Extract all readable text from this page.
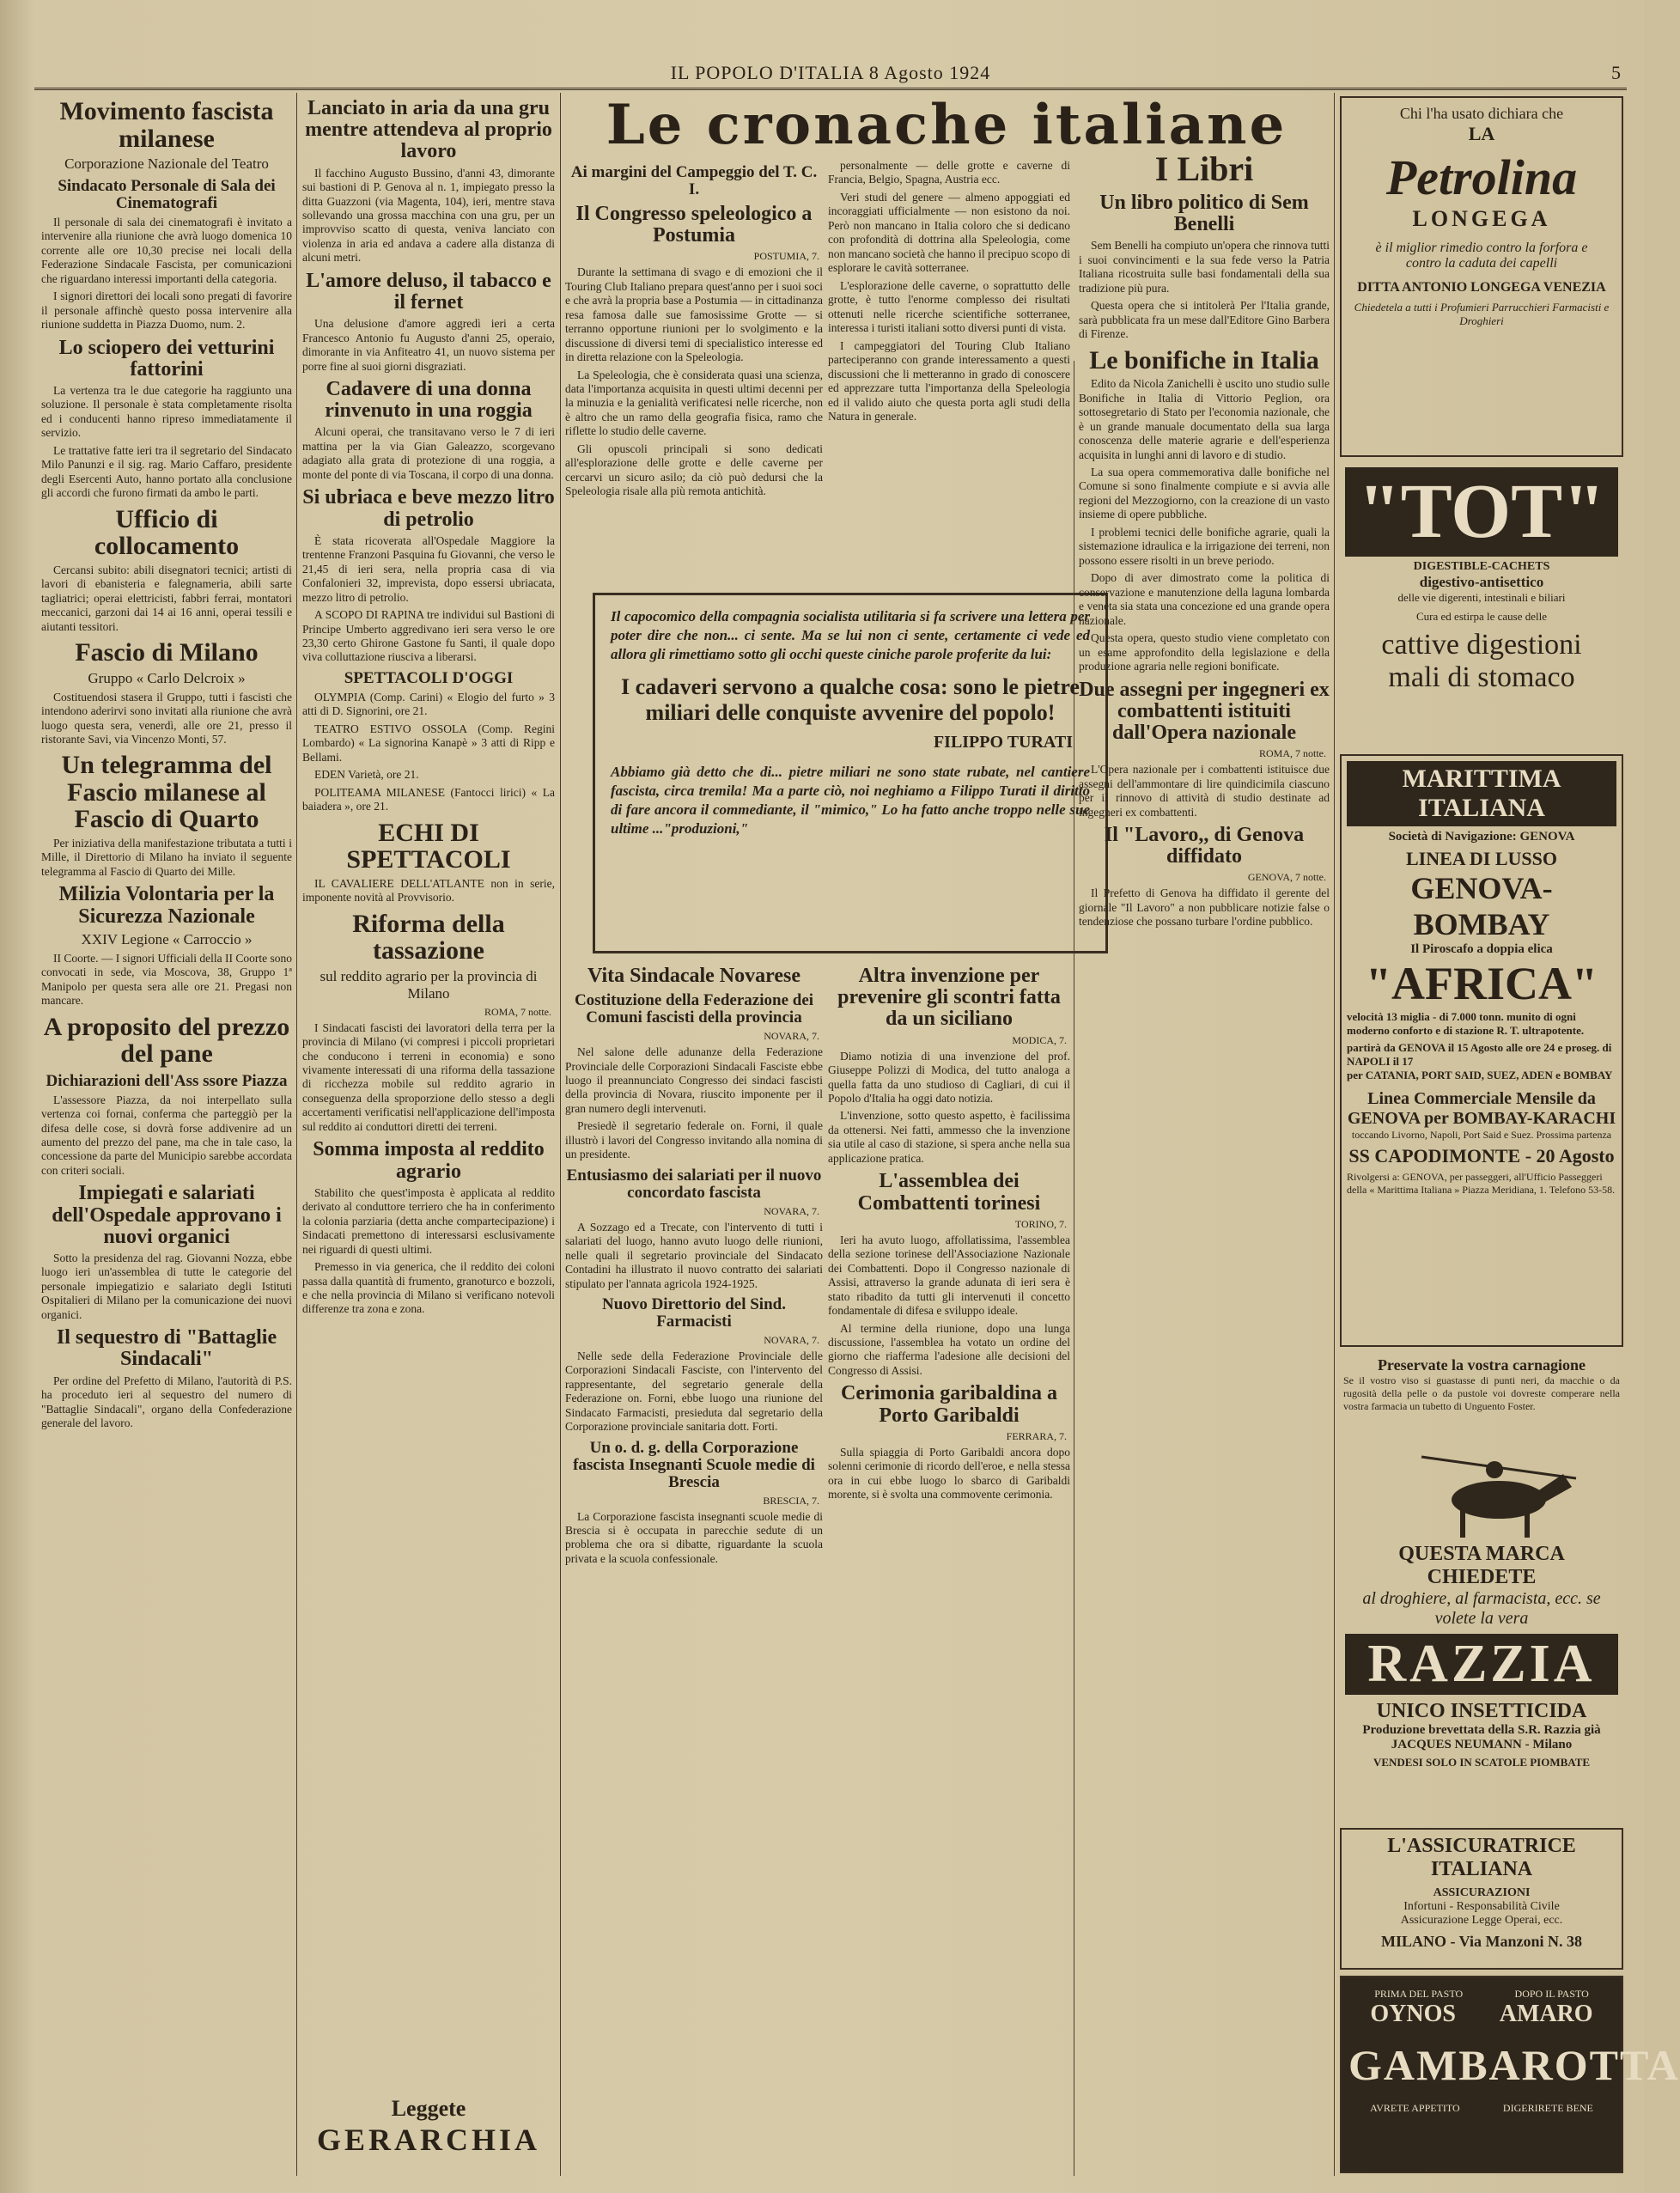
IL POPOLO D'ITALIA 8 Agosto 1924	5
Le cronache italiane
Movimento fascista milanese
Corporazione Nazionale del Teatro
Sindacato Personale di Sala dei Cinematografi

Il personale di sala dei cinematografi è invitato a intervenire alla riunione che avrà luogo domenica 10 corrente alle ore 10,30 precise nei locali della Federazione Sindacale Fascista, per comunicazioni che riguardano interessi importanti della categoria.

I signori direttori dei locali sono pregati di favorire il personale affinchè questo possa intervenire alla riunione suddetta in Piazza Duomo, num. 2.

Lo sciopero dei vetturini fattorini

La vertenza tra le due categorie ha raggiunto una soluzione. Il personale è stata completamente risolta ed i conducenti hanno ripreso immediatamente il servizio.

Le trattative fatte ieri tra il segretario del Sindacato Milo Panunzi e il sig. rag. Mario Caffaro, presidente degli Esercenti Auto, hanno portato alla conclusione gli accordi che furono firmati da ambo le parti.

Ufficio di collocamento

Cercansi subito: abili disegnatori tecnici; artisti di lavori di ebanisteria e falegnameria, abili sarte tagliatrici; operai elettricisti, fabbri ferrai, montatori meccanici, garzoni dai 14 ai 16 anni, operai tessili e aiutanti tessitori.

Fascio di Milano
Gruppo « Carlo Delcroix »

Costituendosi stasera il Gruppo, tutti i fascisti che intendono aderirvi sono invitati alla riunione che avrà luogo questa sera, venerdì, alle ore 21, presso il ristorante Savi, via Vincenzo Monti, 57.

Un telegramma del Fascio milanese al Fascio di Quarto

Per iniziativa della manifestazione tributata a tutti i Mille, il Direttorio di Milano ha inviato il seguente telegramma al Fascio di Quarto dei Mille.

Milizia Volontaria per la Sicurezza Nazionale
XXIV Legione « Carroccio »

II Coorte. — I signori Ufficiali della II Coorte sono convocati in sede, via Moscova, 38, Gruppo 1ª Manipolo per questa sera alle ore 21. Pregasi non mancare.

A proposito del prezzo del pane
Dichiarazioni dell'Ass ssore Piazza

L'assessore Piazza, da noi interpellato sulla vertenza coi fornai, conferma che parteggiò per la difesa delle cose, si dovrà forse addivenire ad un aumento del prezzo del pane, ma che in tale caso, la concessione da parte del Municipio sarebbe accordata con criteri sociali.

Impiegati e salariati dell'Ospedale approvano i nuovi organici

Sotto la presidenza del rag. Giovanni Nozza, ebbe luogo ieri un'assemblea di tutte le categorie del personale impiegatizio e salariato degli Istituti Ospitalieri di Milano per la comunicazione dei nuovi organici.

Il sequestro di "Battaglie Sindacali"

Per ordine del Prefetto di Milano, l'autorità di P.S. ha proceduto ieri al sequestro del numero di "Battaglie Sindacali", organo della Confederazione generale del lavoro.

Lanciato in aria da una gru mentre attendeva al proprio lavoro

Il facchino Augusto Bussino, d'anni 43, dimorante sui bastioni di P. Genova al n. 1, impiegato presso la ditta Guazzoni (via Magenta, 104), ieri, mentre stava sollevando una grossa macchina con una gru, per un improvviso scatto di questa, veniva lanciato con violenza in aria ed andava a cadere alla distanza di alcuni metri.

L'amore deluso, il tabacco e il fernet

Una delusione d'amore aggredì ieri a certa Francesco Antonio fu Augusto d'anni 25, operaio, dimorante in via Anfiteatro 41, un nuovo sistema per porre fine al suoi giorni disgraziati.

Cadavere di una donna rinvenuto in una roggia

Alcuni operai, che transitavano verso le 7 di ieri mattina per la via Gian Galeazzo, scorgevano adagiato alla grata di protezione di una roggia, a monte del ponte di via Toscana, il corpo di una donna.

Si ubriaca e beve mezzo litro di petrolio

È stata ricoverata all'Ospedale Maggiore la trentenne Franzoni Pasquina fu Giovanni, che verso le 21,45 di ieri sera, nella propria casa di via Confalonieri 32, imprevista, dopo essersi ubriacata, mezzo litro di petrolio.

A SCOPO DI RAPINA tre individui sul Bastioni di Principe Umberto aggredivano ieri sera verso le ore 23,30 certo Ghirone Gastone fu Santi, il quale dopo viva colluttazione riusciva a liberarsi.

SPETTACOLI D'OGGI

OLYMPIA (Comp. Carini) « Elogio del furto » 3 atti di D. Signorini, ore 21.

TEATRO ESTIVO OSSOLA (Comp. Regini Lombardo) « La signorina Kanapè » 3 atti di Ripp e Bellami.

EDEN Varietà, ore 21.

POLITEAMA MILANESE (Fantocci lirici) « La baiadera », ore 21.

ECHI DI SPETTACOLI

IL CAVALIERE DELL'ATLANTE non in serie, imponente novità al Provvisorio.

Riforma della tassazione
sul reddito agrario per la provincia di Milano
ROMA, 7 notte.

I Sindacati fascisti dei lavoratori della terra per la provincia di Milano (vi compresi i piccoli proprietari che conducono i terreni in economia) e sono vivamente interessati di una riforma della tassazione di ricchezza mobile sul reddito agrario in conseguenza della sproporzione dello stesso a degli accertamenti verificatisi nell'applicazione dell'imposta sul reddito ai conduttori diretti dei terreni.

Somma imposta al reddito agrario

Stabilito che quest'imposta è applicata al reddito derivato al conduttore terriero che ha in conferimento la colonia parziaria (detta anche compartecipazione) i Sindacati premettono di interessarsi esclusivamente nei riguardi di questi ultimi.

Premesso in via generica, che il reddito dei coloni passa dalla quantità di frumento, granoturco e bozzoli, e che nella provincia di Milano si verificano notevoli differenze tra zona e zona.

Leggete
GERARCHIA
Ai margini del Campeggio del T. C. I.
Il Congresso speleologico a Postumia
POSTUMIA, 7.

Durante la settimana di svago e di emozioni che il Touring Club Italiano prepara quest'anno per i suoi soci e che avrà la propria base a Postumia — in cittadinanza resa famosa dalle sue famosissime Grotte — si terranno opportune riunioni per lo svolgimento e la discussione di diversi temi di specialistico interesse ed in diretta relazione con la Speleologia.

La Speleologia, che è considerata quasi una scienza, data l'importanza acquisita in questi ultimi decenni per la minuzia e la genialità verificatesi nelle ricerche, non è altro che un ramo della geografia fisica, ramo che riflette lo studio delle caverne.

Gli opuscoli principali si sono dedicati all'esplorazione delle grotte e delle caverne per cercarvi un sicuro asilo; da ciò può dedursi che la Speleologia risale alla più remota antichità.

personalmente — delle grotte e caverne di Francia, Belgio, Spagna, Austria ecc.

Veri studi del genere — almeno appoggiati ed incoraggiati ufficialmente — non esistono da noi. Però non mancano in Italia coloro che si dedicano con profondità di dottrina alla Speleologia, come non mancano società che hanno il precipuo scopo di esplorare le cavità sotterranee.

L'esplorazione delle caverne, o soprattutto delle grotte, è tutto l'enorme complesso dei risultati ottenuti nelle ricerche scientifiche sotterranee, interessa i turisti italiani sotto diversi punti di vista.

I campeggiatori del Touring Club Italiano parteciperanno con grande interessamento a questi discussioni che li metteranno in grado di conoscere ed apprezzare tutta l'importanza della Speleologia ed il valido aiuto che questa porta agli studi della Natura in generale.

Il capocomico della compagnia socialista utilitaria si fa scrivere una lettera per poter dire che non... ci sente. Ma se lui non ci sente, certamente ci vede ed allora gli rimettiamo sotto gli occhi queste ciniche parole proferite da lui:
I cadaveri servono a qualche cosa: sono le pietre miliari delle conquiste avvenire del popolo!
FILIPPO TURATI
Abbiamo già detto che di... pietre miliari ne sono state rubate, nel cantiere fascista, circa tremila! Ma a parte ciò, noi neghiamo a Filippo Turati il diritto di fare ancora il commediante, il "mimico," Lo ha fatto anche troppo nelle sue ultime ..."produzioni,"
Vita Sindacale Novarese
Costituzione della Federazione dei Comuni fascisti della provincia
NOVARA, 7.

Nel salone delle adunanze della Federazione Provinciale delle Corporazioni Sindacali Fasciste ebbe luogo il preannunciato Congresso dei sindaci fascisti della provincia di Novara, riuscito imponente per il gran numero degli intervenuti.

Presiedè il segretario federale on. Forni, il quale illustrò i lavori del Congresso invitando alla nomina di un presidente.

Entusiasmo dei salariati per il nuovo concordato fascista
NOVARA, 7.

A Sozzago ed a Trecate, con l'intervento di tutti i salariati del luogo, hanno avuto luogo delle riunioni, nelle quali il segretario provinciale del Sindacato Contadini ha illustrato il nuovo contratto dei salariati stipulato per l'annata agricola 1924-1925.

Nuovo Direttorio del Sind. Farmacisti
NOVARA, 7.

Nelle sede della Federazione Provinciale delle Corporazioni Sindacali Fasciste, con l'intervento del rappresentante, del segretario generale della Federazione on. Forni, ebbe luogo una riunione del Sindacato Farmacisti, presieduta dal segretario della Corporazione provinciale sanitaria dott. Forti.

Un o. d. g. della Corporazione fascista Insegnanti Scuole medie di Brescia
BRESCIA, 7.

La Corporazione fascista insegnanti scuole medie di Brescia si è occupata in parecchie sedute di un problema che ora si dibatte, riguardante la scuola privata e la scuola confessionale.

Altra invenzione per prevenire gli scontri fatta da un siciliano
MODICA, 7.

Diamo notizia di una invenzione del prof. Giuseppe Polizzi di Modica, del tutto analoga a quella fatta da uno studioso di Cagliari, di cui il Popolo d'Italia ha oggi dato notizia.

L'invenzione, sotto questo aspetto, è facilissima da ottenersi. Nei fatti, ammesso che la invenzione sia utile al caso di stazione, si spera anche nella sua applicazione pratica.

L'assemblea dei Combattenti torinesi
TORINO, 7.

Ieri ha avuto luogo, affollatissima, l'assemblea della sezione torinese dell'Associazione Nazionale dei Combattenti. Dopo il Congresso nazionale di Assisi, attraverso la grande adunata di ieri sera è stato ribadito da tutti gli intervenuti il concetto fondamentale di difesa e sviluppo ideale.

Al termine della riunione, dopo una lunga discussione, l'assemblea ha votato un ordine del giorno che riafferma l'adesione alle decisioni del Congresso di Assisi.

Cerimonia garibaldina a Porto Garibaldi
FERRARA, 7.

Sulla spiaggia di Porto Garibaldi ancora dopo solenni cerimonie di ricordo dell'eroe, e nella stessa ora in cui ebbe luogo lo sbarco di Garibaldi morente, si è svolta una commovente cerimonia.

I Libri
Un libro politico di Sem Benelli

Sem Benelli ha compiuto un'opera che rinnova tutti i suoi convincimenti e la sua fede verso la Patria Italiana ricostruita sulle basi fondamentali della sua tradizione più pura.

Questa opera che si intitolerà Per l'Italia grande, sarà pubblicata fra un mese dall'Editore Gino Barbera di Firenze.

Le bonifiche in Italia

Edito da Nicola Zanichelli è uscito uno studio sulle Bonifiche in Italia di Vittorio Peglion, ora sottosegretario di Stato per l'economia nazionale, che è un grande manuale documentato della sua larga conoscenza delle materie agrarie e dell'esperienza acquisita in lunghi anni di lavoro e di studio.

La sua opera commemorativa dalle bonifiche nel Comune si sono finalmente compiute e si avvia alle regioni del Mezzogiorno, con la creazione di un vasto insieme di opere pubbliche.

I problemi tecnici delle bonifiche agrarie, quali la sistemazione idraulica e la irrigazione dei terreni, non possono essere risolti in un breve periodo.

Dopo di aver dimostrato come la politica di conservazione e manutenzione della laguna lombarda e veneta sia stata una concezione ed una grande opera nazionale.

Questa opera, questo studio viene completato con un esame approfondito della legislazione e della produzione agraria nelle regioni bonificate.

Due assegni per ingegneri ex combattenti istituiti dall'Opera nazionale
ROMA, 7 notte.

L'Opera nazionale per i combattenti istituisce due assegni dell'ammontare di lire quindicimila ciascuno per il rinnovo di attività di studio destinate ad ingegneri ex combattenti.

Il "Lavoro,, di Genova diffidato
GENOVA, 7 notte.

Il Prefetto di Genova ha diffidato il gerente del giornale "Il Lavoro" a non pubblicare notizie false o tendenziose che possano turbare l'ordine pubblico.

Chi l'ha usato dichiara che
LA
Petrolina
LONGEGA
è il miglior rimedio contro la forfora e contro la caduta dei capelli
DITTA ANTONIO LONGEGA VENEZIA
Chiedetela a tutti i Profumieri Parrucchieri Farmacisti e Droghieri
"TOT"
DIGESTIBLE-CACHETS
digestivo-antisettico
delle vie digerenti, intestinali e biliari
Cura ed estirpa le cause delle
cattive digestioni
mali di stomaco
MARITTIMA ITALIANA
Società di Navigazione: GENOVA
LINEA DI LUSSO
GENOVA-BOMBAY
Il Piroscafo a doppia elica
"AFRICA"
velocità 13 miglia - di 7.000 tonn. munito di ogni moderno conforto e di stazione R. T. ultrapotente.
partirà da GENOVA il 15 Agosto alle ore 24 e proseg. di NAPOLI il 17
per CATANIA, PORT SAID, SUEZ, ADEN e BOMBAY
Linea Commerciale Mensile da GENOVA per BOMBAY-KARACHI
toccando Livorno, Napoli, Port Said e Suez. Prossima partenza
SS CAPODIMONTE - 20 Agosto
Rivolgersi a: GENOVA, per passeggeri, all'Ufficio Passeggeri della « Marittima Italiana » Piazza Meridiana, 1. Telefono 53-58.
Preservate la vostra carnagione
Se il vostro viso si guastasse di punti neri, da macchie o da rugosità della pelle o da pustole voi dovreste comperare nella vostra farmacia un tubetto di Unguento Foster.
QUESTA MARCA CHIEDETE
al droghiere, al farmacista, ecc. se volete la vera
RAZZIA
UNICO INSETTICIDA
Produzione brevettata della S.R. Razzia già JACQUES NEUMANN - Milano
VENDESI SOLO IN SCATOLE PIOMBATE
L'ASSICURATRICE ITALIANA
ASSICURAZIONI
Infortuni - Responsabilità Civile
Assicurazione Legge Operai, ecc.
MILANO - Via Manzoni N. 38
PRIMA DEL PASTO	DOPO IL PASTO
OYNOS AMARO
GAMBAROTTA
AVRETE APPETITO	DIGERIRETE BENE
